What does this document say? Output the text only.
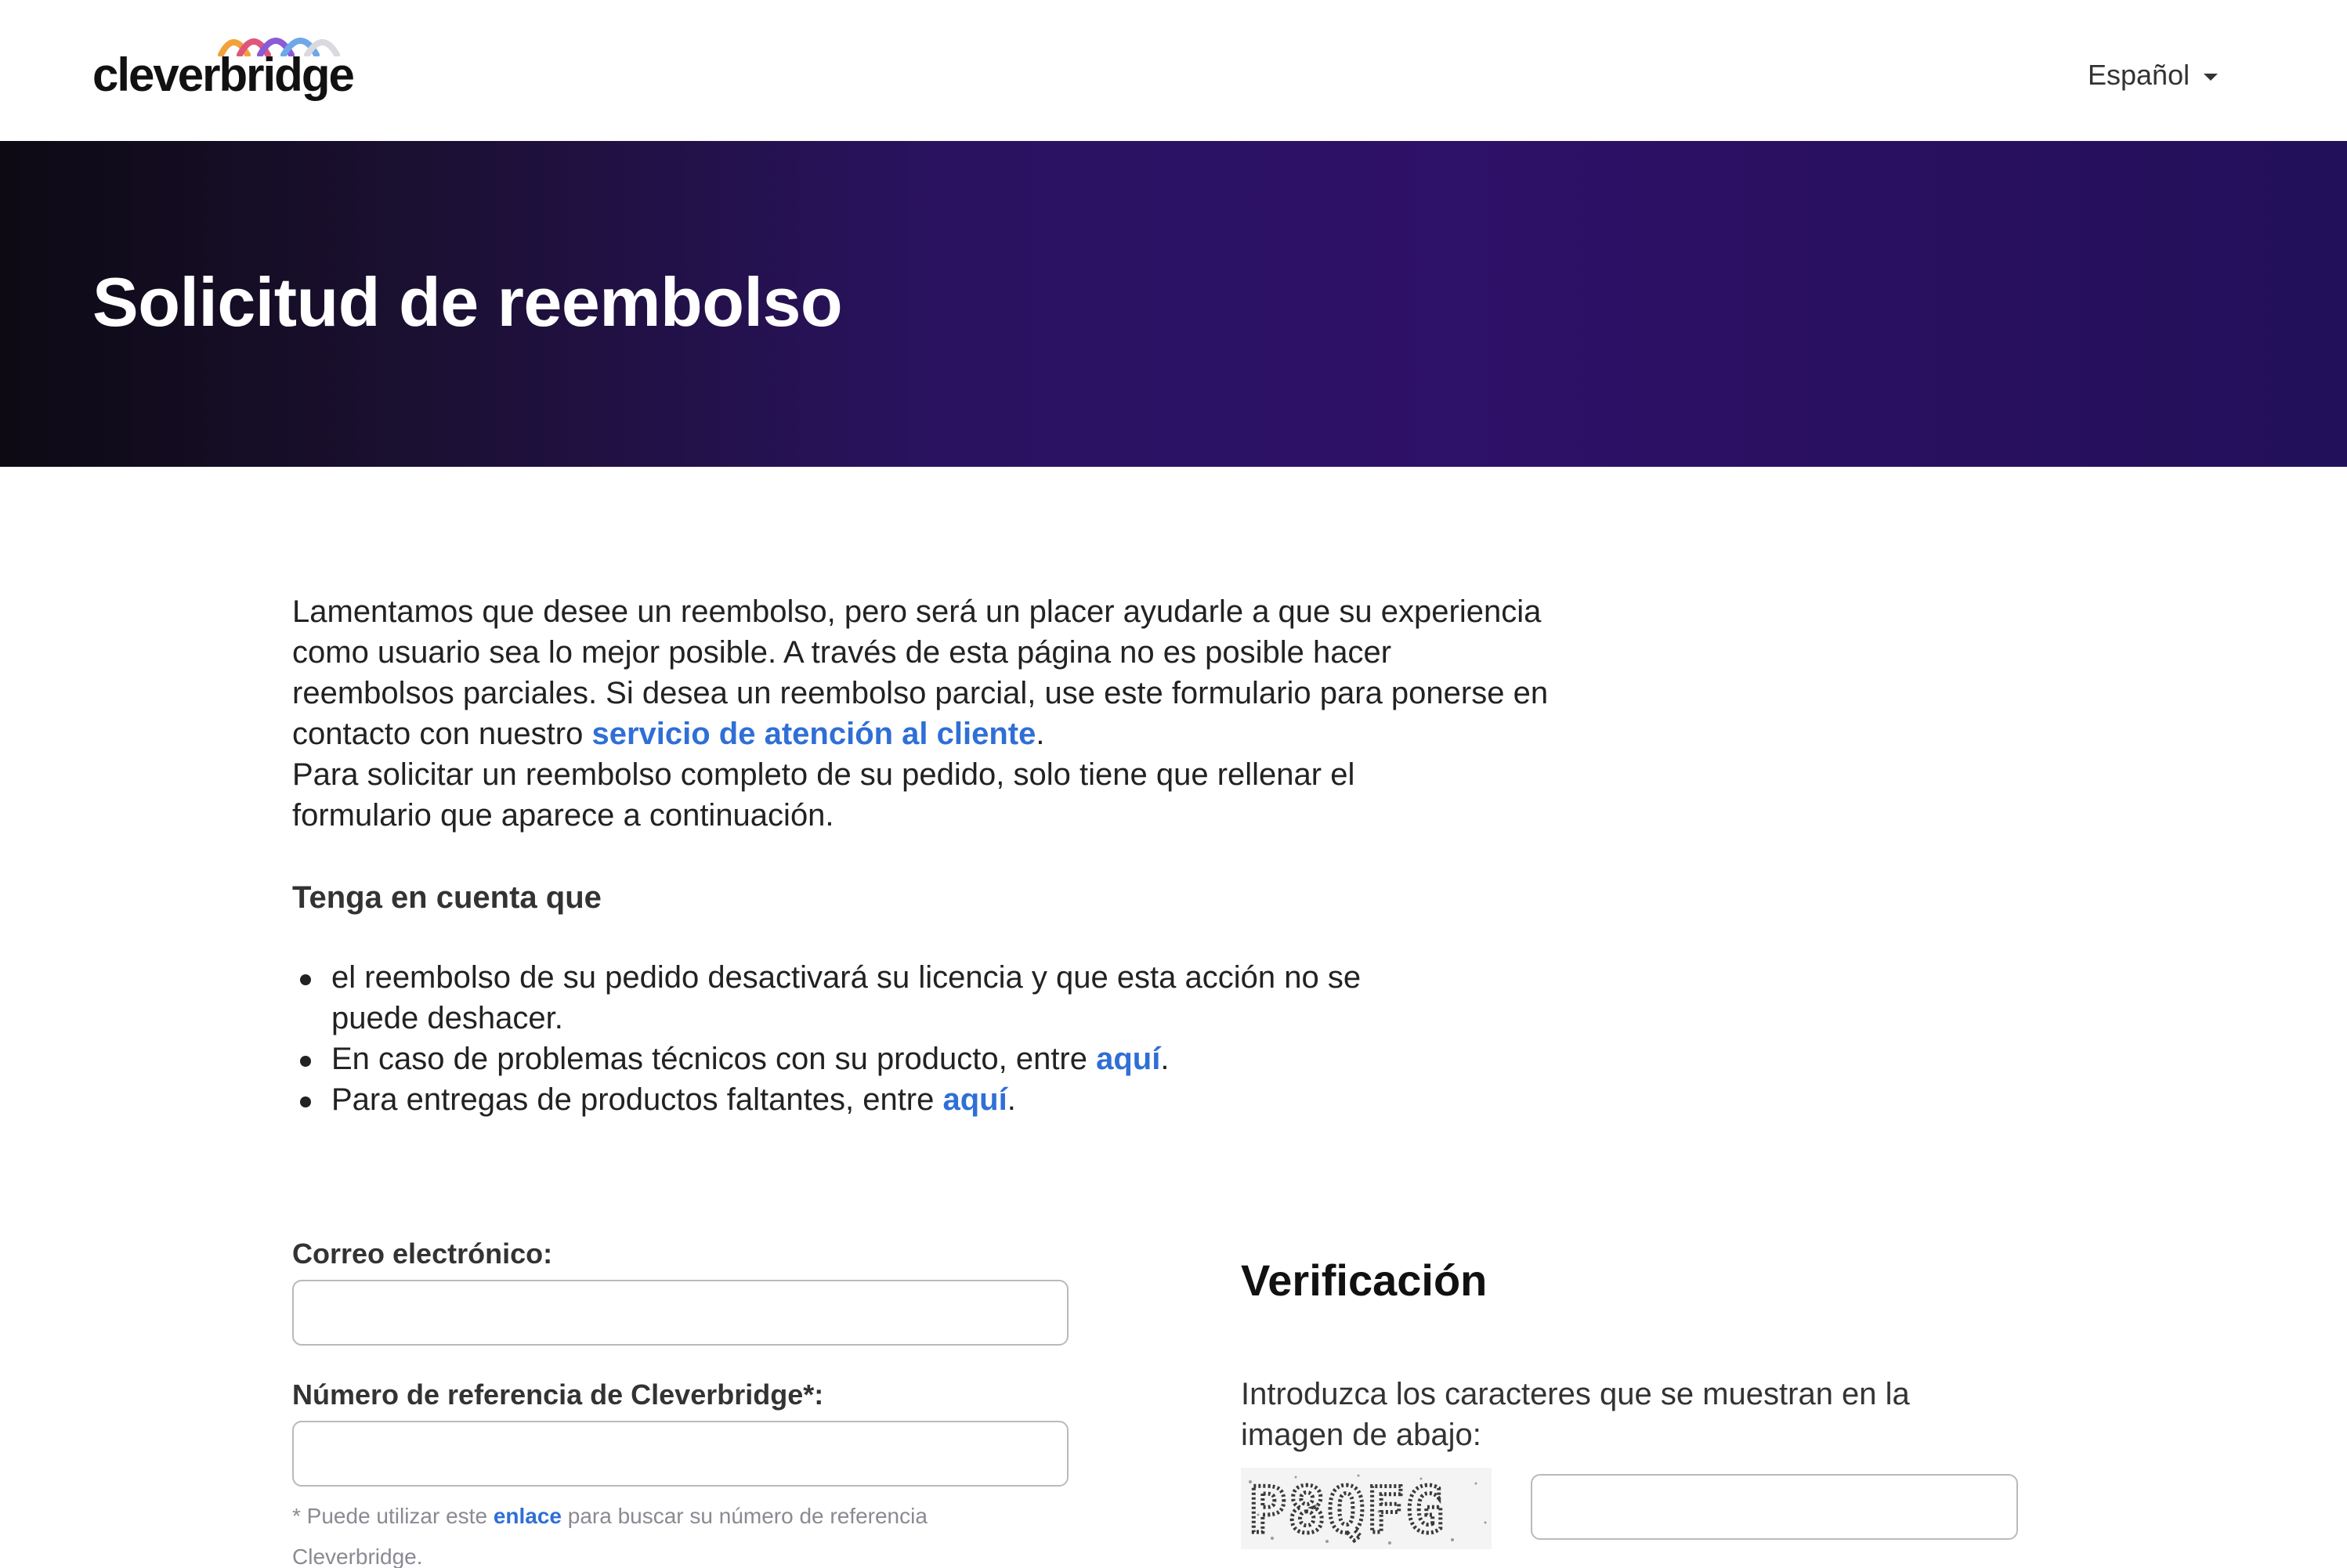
cleverbridge	Español
Solicitud de reembolso

Lamentamos que desee un reembolso, pero será un placer ayudarle a que su experiencia como usuario sea lo mejor posible. A través de esta página no es posible hacer reembolsos parciales. Si desea un reembolso parcial, use este formulario para ponerse en contacto con nuestro servicio de atención al cliente.
Para solicitar un reembolso completo de su pedido, solo tiene que rellenar el formulario que aparece a continuación.

Tenga en cuenta que
el reembolso de su pedido desactivará su licencia y que esta acción no se puede deshacer.
En caso de problemas técnicos con su producto, entre aquí.
Para entregas de productos faltantes, entre aquí.
Correo electrónico:
Número de referencia de Cleverbridge*:

* Puede utilizar este enlace para buscar su número de referencia Cleverbridge.

Verificación

Introduzca los caracteres que se muestran en la imagen de abajo:

P8QFG
